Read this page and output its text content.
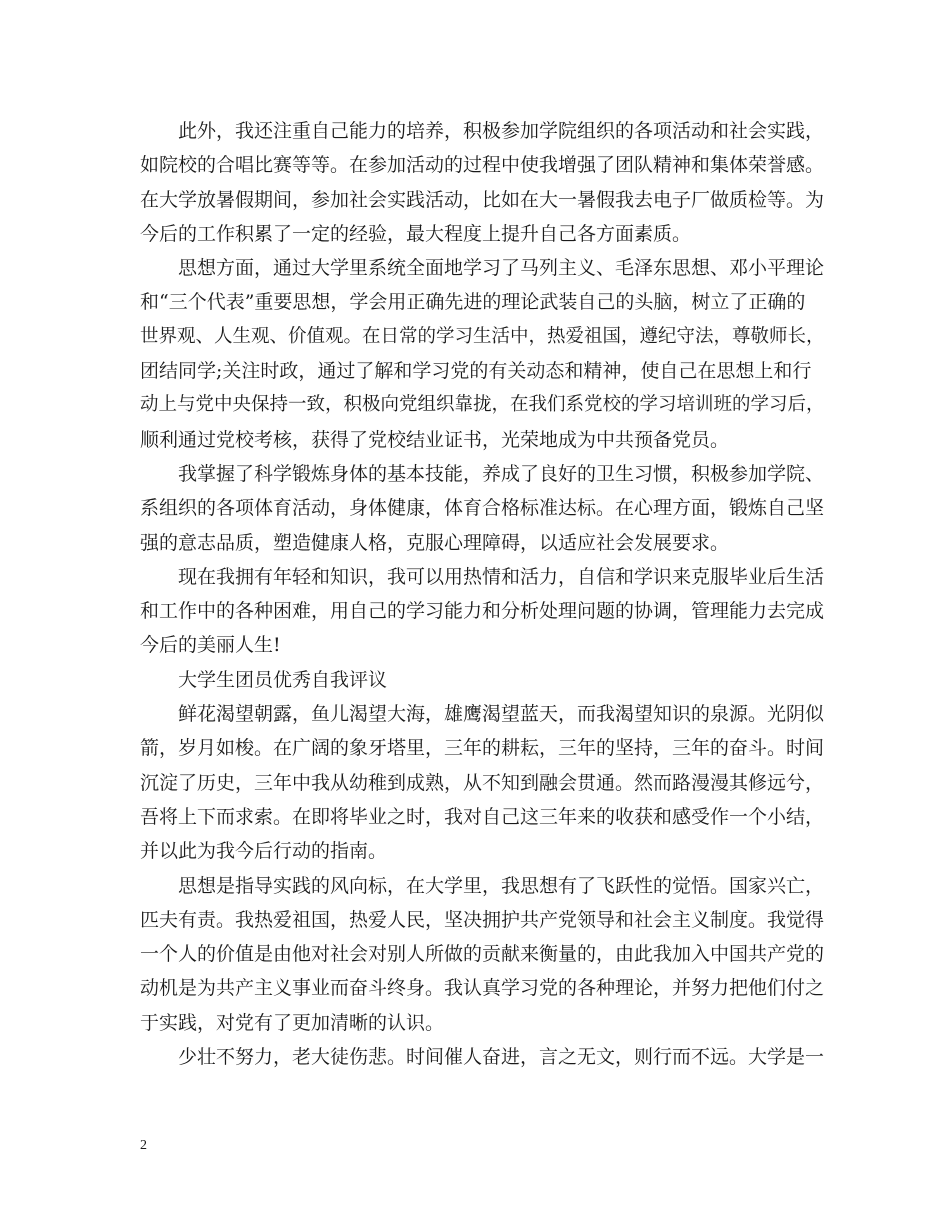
此外，我还注重自己能力的培养，积极参加学院组织的各项活动和社会实践，
如院校的合唱比赛等等。在参加活动的过程中使我增强了团队精神和集体荣誉感。
在大学放暑假期间，参加社会实践活动，比如在大一暑假我去电子厂做质检等。为
今后的工作积累了一定的经验，最大程度上提升自己各方面素质。
思想方面，通过大学里系统全面地学习了马列主义、毛泽东思想、邓小平理论
和“三个代表”重要思想，学会用正确先进的理论武装自己的头脑，树立了正确的
世界观、人生观、价值观。在日常的学习生活中，热爱祖国，遵纪守法，尊敬师长，
团结同学;关注时政，通过了解和学习党的有关动态和精神，使自己在思想上和行
动上与党中央保持一致，积极向党组织靠拢，在我们系党校的学习培训班的学习后，
顺利通过党校考核，获得了党校结业证书，光荣地成为中共预备党员。
我掌握了科学锻炼身体的基本技能，养成了良好的卫生习惯，积极参加学院、
系组织的各项体育活动，身体健康，体育合格标准达标。在心理方面，锻炼自己坚
强的意志品质，塑造健康人格，克服心理障碍，以适应社会发展要求。
现在我拥有年轻和知识，我可以用热情和活力，自信和学识来克服毕业后生活
和工作中的各种困难，用自己的学习能力和分析处理问题的协调，管理能力去完成
今后的美丽人生!
大学生团员优秀自我评议
鲜花渴望朝露，鱼儿渴望大海，雄鹰渴望蓝天，而我渴望知识的泉源。光阴似
箭，岁月如梭。在广阔的象牙塔里，三年的耕耘，三年的坚持，三年的奋斗。时间
沉淀了历史，三年中我从幼稚到成熟，从不知到融会贯通。然而路漫漫其修远兮，
吾将上下而求索。在即将毕业之时，我对自己这三年来的收获和感受作一个小结，
并以此为我今后行动的指南。
思想是指导实践的风向标，在大学里，我思想有了飞跃性的觉悟。国家兴亡，
匹夫有责。我热爱祖国，热爱人民，坚决拥护共产党领导和社会主义制度。我觉得
一个人的价值是由他对社会对别人所做的贡献来衡量的，由此我加入中国共产党的
动机是为共产主义事业而奋斗终身。我认真学习党的各种理论，并努力把他们付之
于实践，对党有了更加清晰的认识。
少壮不努力，老大徒伤悲。时间催人奋进，言之无文，则行而不远。大学是一
2
